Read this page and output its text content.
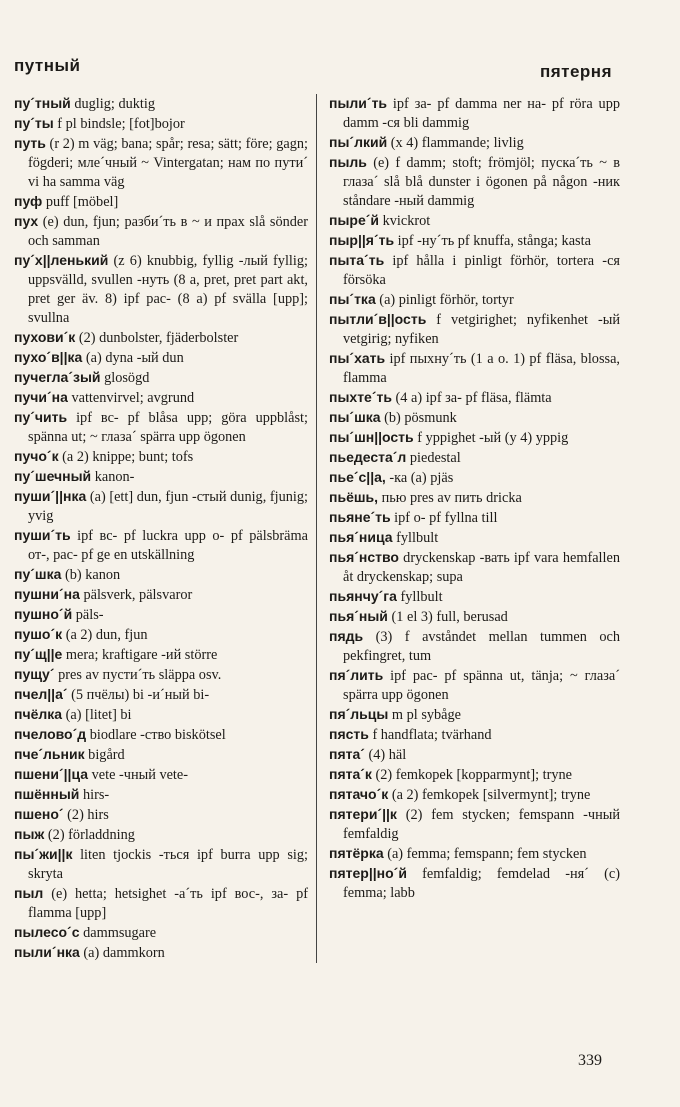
путный	пятерня
пу´тный duglig; duktig
пу´ты f pl bindsle; [fot]bojor
путь (r 2) m väg; bana; spår; resa; sätt; före; gagn; fögderi; мле´чный ~ Vintergatan; нам по пути´ vi ha samma väg
пуф puff [möbel]
пух (e) dun, fjun; разби´ть в ~ и прах slå sönder och samman
пу´х||ленький (z 6) knubbig, fyllig -лый fyllig; uppsvälld, svullen -нуть (8 a, pret, pret part akt, pret ger äv. 8) ipf рас- (8 a) pf svälla [upp]; svullna
пухови´к (2) dunbolster, fjäderbolster
пухо´в||ка (a) dyna -ый dun
пучегла´зый glosögd
пучи´на vattenvirvel; avgrund
пу´чить ipf вс- pf blåsa upp; göra uppblåst; spänna ut; ~ глаза´ spärra upp ögonen
пучо´к (a 2) knippe; bunt; tofs
пу´шечный kanon-
пуши´||нка (a) [ett] dun, fjun -стый dunig, fjunig; yvig
пуши´ть ipf вс- pf luckra upp о- pf pälsbräma от-, рас- pf ge en utskällning
пу´шка (b) kanon
пушни´на pälsverk, pälsvaror
пушно´й päls-
пушо´к (a 2) dun, fjun
пу´щ||е mera; kraftigare -ий större
пущу´ pres av пусти´ть släppa osv.
пчел||а´ (5 пчёлы) bi -и´ный bi-
пчёлка (a) [litet] bi
пчелово´д biodlare -ство biskötsel
пче´льник bigård
пшени´||ца vete -чный vete-
пшённый hirs-
пшено´ (2) hirs
пыж (2) förladdning
пы´жи||к liten tjockis -ться ipf burra upp sig; skryta
пыл (e) hetta; hetsighet -а´ть ipf вос-, за- pf flamma [upp]
пылесо´с dammsugare
пыли´нка (a) dammkorn
пыли´ть ipf за- pf damma ner на- pf röra upp damm -ся bli dammig
пы´лкий (x 4) flammande; livlig
пыль (e) f damm; stoft; frömjöl; пуска´ть ~ в глаза´ slå blå dunster i ögonen på någon -ник ståndare -ный dammig
пыре´й kvickrot
пыр||я´ть ipf -ну´ть pf knuffa, stånga; kasta
пыта´ть ipf hålla i pinligt förhör, tortera -ся försöka
пы´тка (a) pinligt förhör, tortyr
пытли´в||ость f vetgirighet; nyfikenhet -ый vetgirig; nyfiken
пы´хать ipf пыхну´ть (1 a o. 1) pf fläsa, blossa, flamma
пыхте´ть (4 a) ipf за- pf fläsa, flämta
пы´шка (b) pösmunk
пы´шн||ость f yppighet -ый (y 4) yppig
пьедеста´л piedestal
пье´с||а, -ка (a) pjäs
пьёшь, пью pres av пить dricka
пьяне´ть ipf о- pf fyllna till
пья´ница fyllbult
пья´нство dryckenskap -вать ipf vara hemfallen åt dryckenskap; supa
пьянчу´га fyllbult
пья´ный (1 el 3) full, berusad
пядь (3) f avståndet mellan tummen och pekfingret, tum
пя´лить ipf рас- pf spänna ut, tänja; ~ глаза´ spärra upp ögonen
пя´льцы m pl sybåge
пясть f handflata; tvärhand
пята´ (4) häl
пята´к (2) femkopek [kopparmynt]; tryne
пятачо´к (a 2) femkopek [silvermynt]; tryne
пятери´||к (2) fem stycken; femspann -чный femfaldig
пятёрка (a) femma; femspann; fem stycken
пятер||но´й femfaldig; femdelad -ня´ (c) femma; labb
339
